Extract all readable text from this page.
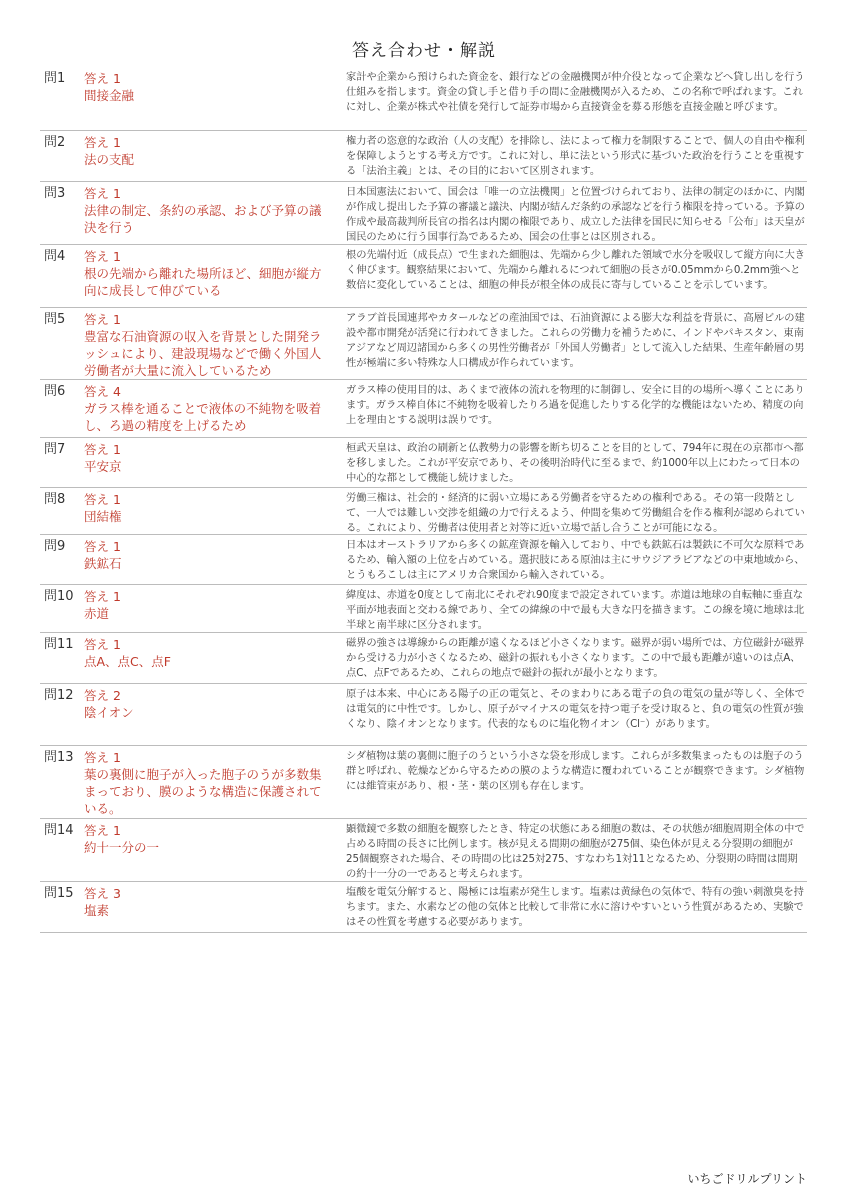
答え合わせ・解説
問1	答え 1
間接金融
家計や企業から預けられた資金を、銀行などの金融機関が仲介役となって企業などへ貸し出しを行う仕組みを指します。資金の貸し手と借り手の間に金融機関が入るため、この名称で呼ばれます。これに対し、企業が株式や社債を発行して証券市場から直接資金を募る形態を直接金融と呼びます。
問2	答え 1
法の支配
権力者の恣意的な政治（人の支配）を排除し、法によって権力を制限することで、個人の自由や権利を保障しようとする考え方です。これに対し、単に法という形式に基づいた政治を行うことを重視する「法治主義」とは、その目的において区別されます。
問3	答え 1
法律の制定、条約の承認、および予算の議決を行う
日本国憲法において、国会は「唯一の立法機関」と位置づけられており、法律の制定のほかに、内閣が作成し提出した予算の審議と議決、内閣が結んだ条約の承認などを行う権限を持っている。予算の作成や最高裁判所長官の指名は内閣の権限であり、成立した法律を国民に知らせる「公布」は天皇が国民のために行う国事行為であるため、国会の仕事とは区別される。
問4	答え 1
根の先端から離れた場所ほど、細胞が縦方向に成長して伸びている
根の先端付近（成長点）で生まれた細胞は、先端から少し離れた領域で水分を吸収して縦方向に大きく伸びます。観察結果において、先端から離れるにつれて細胞の長さが0.05mmから0.2mm強へと数倍に変化していることは、細胞の伸長が根全体の成長に寄与していることを示しています。
問5	答え 1
豊富な石油資源の収入を背景とした開発ラッシュにより、建設現場などで働く外国人労働者が大量に流入しているため
アラブ首長国連邦やカタールなどの産油国では、石油資源による膨大な利益を背景に、高層ビルの建設や都市開発が活発に行われてきました。これらの労働力を補うために、インドやパキスタン、東南アジアなど周辺諸国から多くの男性労働者が「外国人労働者」として流入した結果、生産年齢層の男性が極端に多い特殊な人口構成が作られています。
問6	答え 4
ガラス棒を通ることで液体の不純物を吸着し、ろ過の精度を上げるため
ガラス棒の使用目的は、あくまで液体の流れを物理的に制御し、安全に目的の場所へ導くことにあります。ガラス棒自体に不純物を吸着したりろ過を促進したりする化学的な機能はないため、精度の向上を理由とする説明は誤りです。
問7	答え 1
平安京
桓武天皇は、政治の刷新と仏教勢力の影響を断ち切ることを目的として、794年に現在の京都市へ都を移しました。これが平安京であり、その後明治時代に至るまで、約1000年以上にわたって日本の中心的な都として機能し続けました。
問8	答え 1
団結権
労働三権は、社会的・経済的に弱い立場にある労働者を守るための権利である。その第一段階として、一人では難しい交渉を組織の力で行えるよう、仲間を集めて労働組合を作る権利が認められている。これにより、労働者は使用者と対等に近い立場で話し合うことが可能になる。
問9	答え 1
鉄鉱石
日本はオーストラリアから多くの鉱産資源を輸入しており、中でも鉄鉱石は製鉄に不可欠な原料であるため、輸入額の上位を占めている。選択肢にある原油は主にサウジアラビアなどの中東地域から、とうもろこしは主にアメリカ合衆国から輸入されている。
問10 答え 1
赤道
緯度は、赤道を0度として南北にそれぞれ90度まで設定されています。赤道は地球の自転軸に垂直な平面が地表面と交わる線であり、全ての緯線の中で最も大きな円を描きます。この線を境に地球は北半球と南半球に区分されます。
問11 答え 1
点A、点C、点F
磁界の強さは導線からの距離が遠くなるほど小さくなります。磁界が弱い場所では、方位磁針が磁界から受ける力が小さくなるため、磁針の振れも小さくなります。この中で最も距離が遠いのは点A、点C、点Fであるため、これらの地点で磁針の振れが最小となります。
問12 答え 2
陰イオン
原子は本来、中心にある陽子の正の電気と、そのまわりにある電子の負の電気の量が等しく、全体では電気的に中性です。しかし、原子がマイナスの電気を持つ電子を受け取ると、負の電気の性質が強くなり、陰イオンとなります。代表的なものに塩化物イオン（Cl⁻）があります。
問13 答え 1
葉の裏側に胞子が入った胞子のうが多数集まっており、膜のような構造に保護されている。
シダ植物は葉の裏側に胞子のうという小さな袋を形成します。これらが多数集まったものは胞子のう群と呼ばれ、乾燥などから守るための膜のような構造に覆われていることが観察できます。シダ植物には維管束があり、根・茎・葉の区別も存在します。
問14 答え 1
約十一分の一
顕微鏡で多数の細胞を観察したとき、特定の状態にある細胞の数は、その状態が細胞周期全体の中で占める時間の長さに比例します。核が見える間期の細胞が275個、染色体が見える分裂期の細胞が25個観察された場合、その時間の比は25対275、すなわち1対11となるため、分裂期の時間は間期の約十一分の一であると考えられます。
問15 答え 3
塩素
塩酸を電気分解すると、陽極には塩素が発生します。塩素は黄緑色の気体で、特有の強い刺激臭を持ちます。また、水素などの他の気体と比較して非常に水に溶けやすいという性質があるため、実験ではその性質を考慮する必要があります。
いちごドリルプリント
